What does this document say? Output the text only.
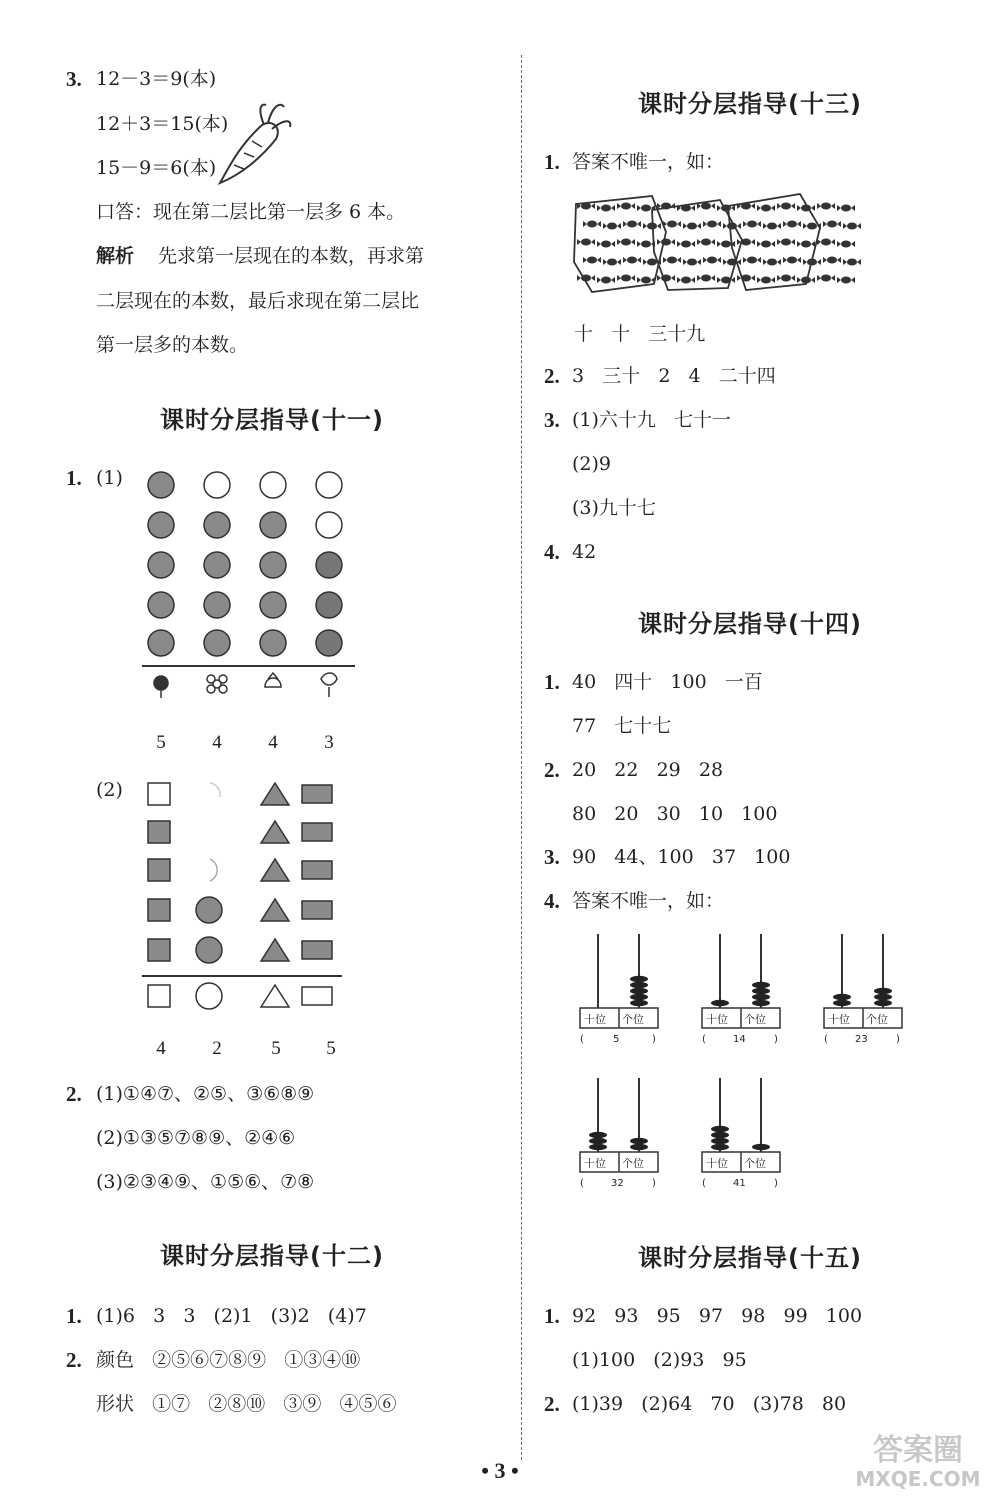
3. 12－3＝9(本)
12＋3＝15(本)
15－9＝6(本)
口答：现在第二层比第一层多 6 本。
解析 先求第一层现在的本数，再求第
二层现在的本数，最后求现在第二层比
第一层多的本数。
课时分层指导(十一)
1. (1)
5	4	4	3
(2)
4	2	5	5
2. (1)①④⑦、②⑤、③⑥⑧⑨
(2)①③⑤⑦⑧⑨、②④⑥
(3)②③④⑨、①⑤⑥、⑦⑧
课时分层指导(十二)
1. (1)6   3   3   (2)1   (3)2   (4)7
2. 颜色   ②⑤⑥⑦⑧⑨   ①③④⑩
形状   ①⑦   ②⑧⑩   ③⑨   ④⑤⑥
课时分层指导(十三)
1. 答案不唯一，如：
十   十   三十九
2. 3   三十   2   4   二十四
3. (1)六十九   七十一
(2)9
(3)九十七
4. 42
课时分层指导(十四)
1. 40   四十   100   一百
77   七十七
2. 20   22   29   28
80   20   30   10   100
3. 90   44、100   37   100
4. 答案不唯一，如：
十位 个位
(	5	)
十位 个位
(	14	)
十位 个位
(	23	)
十位 个位
(	32	)
十位 个位
(	41	)
课时分层指导(十五)
1. 92   93   95   97   98   99   100
(1)100   (2)93   95
2. (1)39   (2)64   70   (3)78   80
• 3 •
答案圈
MXQE.COM
